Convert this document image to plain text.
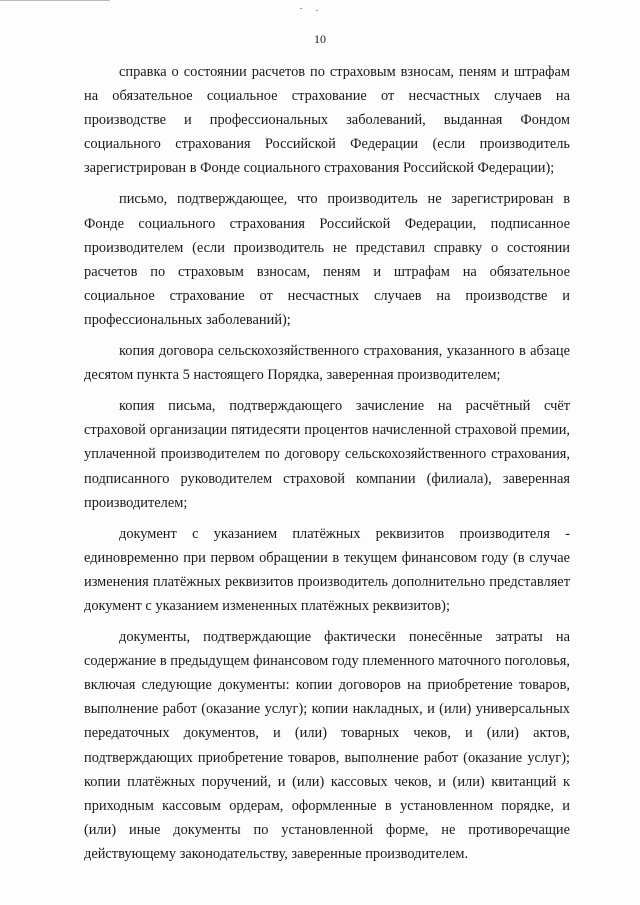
10

справка о состоянии расчетов по страховым взносам, пеням и штрафам на обязательное социальное страхование от несчастных случаев на производстве и профессиональных заболеваний, выданная Фондом социального страхования Российской Федерации (если производитель зарегистрирован в Фонде социального страхования Российской Федерации);

письмо, подтверждающее, что производитель не зарегистрирован в Фонде социального страхования Российской Федерации, подписанное производителем (если производитель не представил справку о состоянии расчетов по страховым взносам, пеням и штрафам на обязательное социальное страхование от несчастных случаев на производстве и профессиональных заболеваний);

копия договора сельскохозяйственного страхования, указанного в абзаце десятом пункта 5 настоящего Порядка, заверенная производителем;

копия письма, подтверждающего зачисление на расчётный счёт страховой организации пятидесяти процентов начисленной страховой премии, уплаченной производителем по договору сельскохозяйственного страхования, подписанного руководителем страховой компании (филиала), заверенная производителем;

документ с указанием платёжных реквизитов производителя - единовременно при первом обращении в текущем финансовом году (в случае изменения платёжных реквизитов производитель дополнительно представляет документ с указанием измененных платёжных реквизитов);

документы, подтверждающие фактически понесённые затраты на содержание в предыдущем финансовом году племенного маточного поголовья, включая следующие документы: копии договоров на приобретение товаров, выполнение работ (оказание услуг); копии накладных, и (или) универсальных передаточных документов, и (или) товарных чеков, и (или) актов, подтверждающих приобретение товаров, выполнение работ (оказание услуг); копии платёжных поручений, и (или) кассовых чеков, и (или) квитанций к приходным кассовым ордерам, оформленные в установленном порядке, и (или) иные документы по установленной форме, не противоречащие действующему законодательству, заверенные производителем.
